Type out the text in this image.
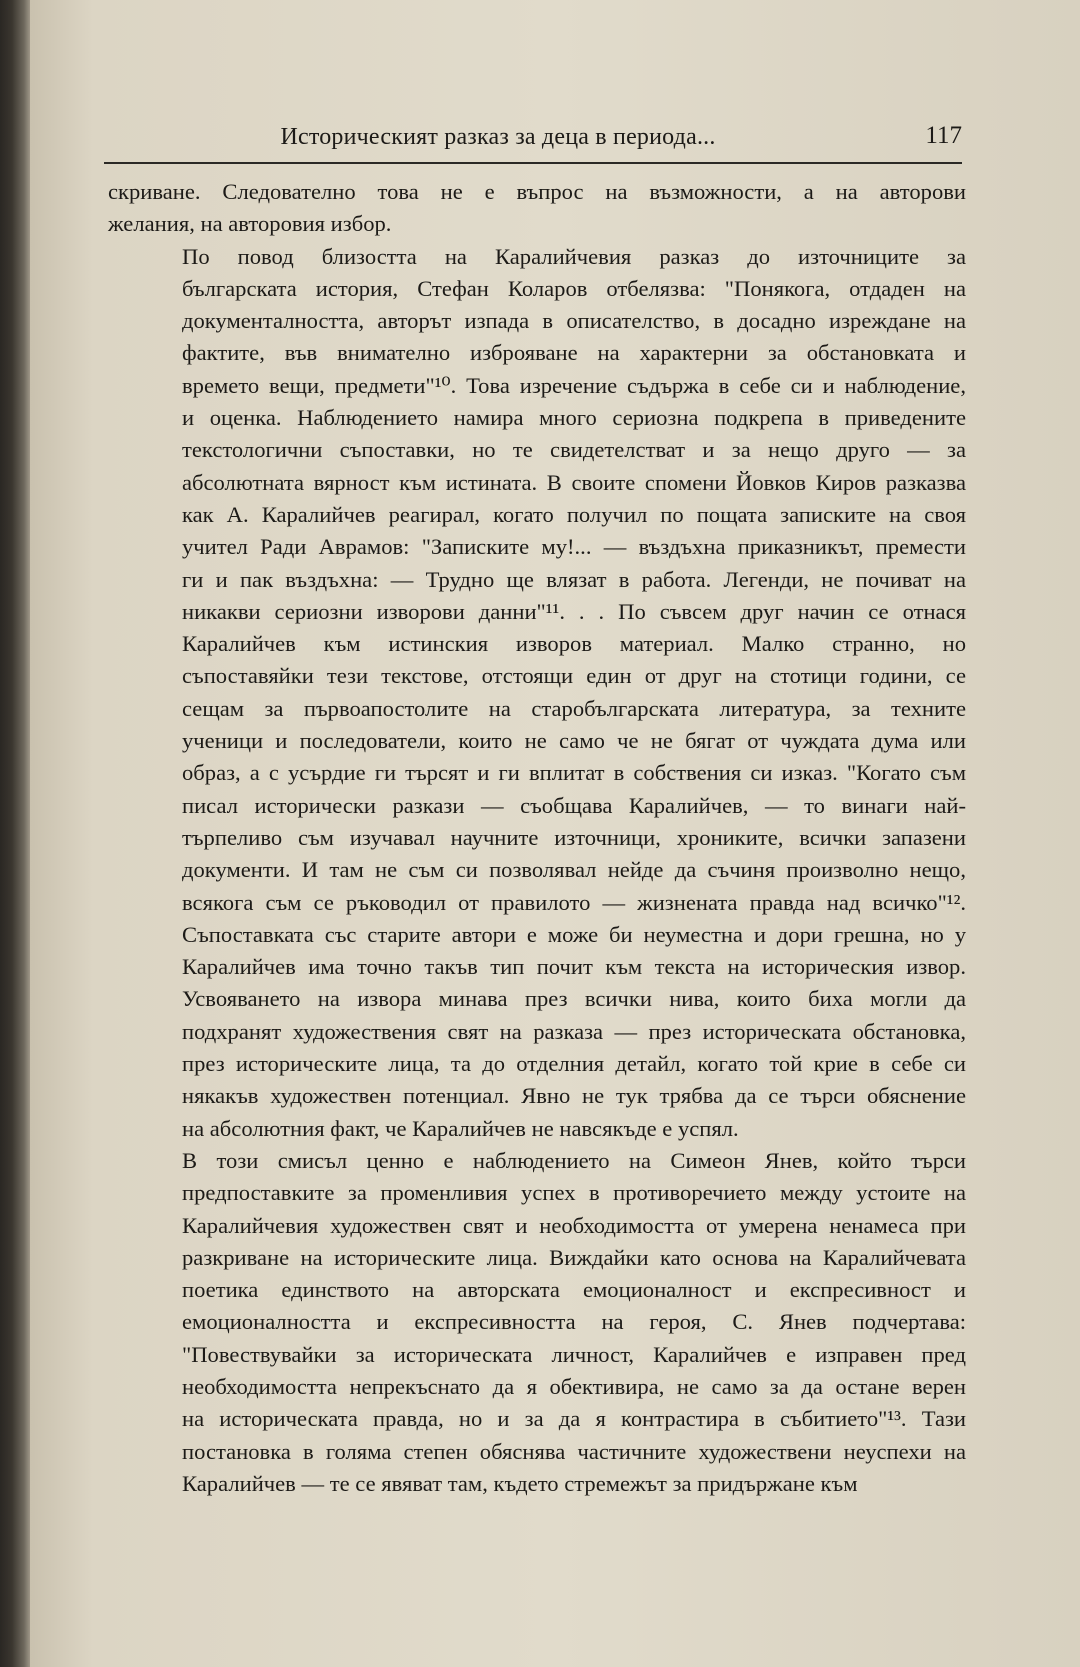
Историческият разказ за деца в периода...	117
скриване. Следователно това не е въпрос на възможности, а на авторови
желания, на авторовия избор.
По повод близостта на Каралийчевия разказ до източниците за
българската история, Стефан Коларов отбелязва: "Понякога, отдаден на
документалността, авторът изпада в описателство, в досадно изреждане на
фактите, във внимателно изброяване на характерни за обстановката и
времето вещи, предмети"¹⁰. Това изречение съдържа в себе си и наблюдение,
и оценка. Наблюдението намира много сериозна подкрепа в приведените
текстологични съпоставки, но те свидетелстват и за нещо друго — за
абсолютната вярност към истината. В своите спомени Йовков Киров разказва
как А. Каралийчев реагирал, когато получил по пощата записките на своя
учител Ради Аврамов: "Записките му!... — въздъхна приказникът, премести
ги и пак въздъхна: — Трудно ще влязат в работа. Легенди, не почиват на
никакви сериозни изворови данни"¹¹. . . По съвсем друг начин се отнася
Каралийчев към истинския изворов материал. Малко странно, но
съпоставяйки тези текстове, отстоящи един от друг на стотици години, се
сещам за първоапостолите на старобългарската литература, за техните
ученици и последователи, които не само че не бягат от чуждата дума или
образ, а с усърдие ги търсят и ги вплитат в собствения си изказ. "Когато съм
писал исторически разкази — съобщава Каралийчев, — то винаги най-
търпеливо съм изучавал научните източници, хрониките, всички запазени
документи. И там не съм си позволявал нейде да съчиня произволно нещо,
всякога съм се ръководил от правилото — жизнената правда над всичко"¹².
Съпоставката със старите автори е може би неуместна и дори грешна, но у
Каралийчев има точно такъв тип почит към текста на историческия извор.
Усвояването на извора минава през всички нива, които биха могли да
подхранят художествения свят на разказа — през историческата обстановка,
през историческите лица, та до отделния детайл, когато той крие в себе си
някакъв художествен потенциал. Явно не тук трябва да се търси обяснение
на абсолютния факт, че Каралийчев не навсякъде е успял.
В този смисъл ценно е наблюдението на Симеон Янев, който търси
предпоставките за променливия успех в противоречието между устоите на
Каралийчевия художествен свят и необходимостта от умерена ненамеса при
разкриване на историческите лица. Виждайки като основа на Каралийчевата
поетика единството на авторската емоционалност и експресивност и
емоционалността и експресивността на героя, С. Янев подчертава:
"Повествувайки за историческата личност, Каралийчев е изправен пред
необходимостта непрекъснато да я обективира, не само за да остане верен
на историческата правда, но и за да я контрастира в събитието"¹³. Тази
постановка в голяма степен обяснява частичните художествени неуспехи на
Каралийчев — те се явяват там, където стремежът за придържане към
